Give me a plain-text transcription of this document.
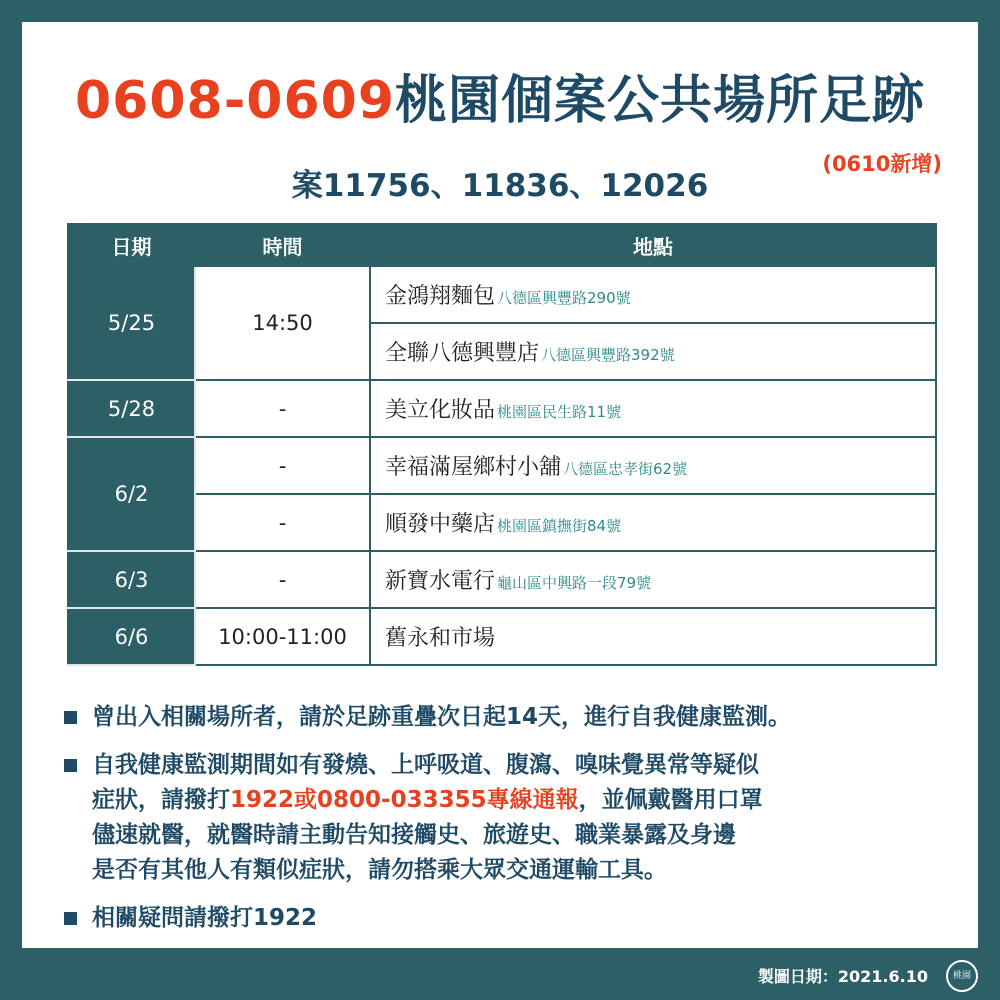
0608-0609桃園個案公共場所足跡
案11756、11836、12026
(0610新增)
日期	時間	地點
5/25	14:50	金鴻翔麵包 八德區興豐路290號
		全聯八德興豐店 八德區興豐路392號
5/28	-	美立化妝品 桃園區民生路11號
6/2	-	幸福滿屋鄉村小舖 八德區忠孝街62號
	-	順發中藥店 桃園區鎮撫街84號
6/3	-	新寶水電行 龜山區中興路一段79號
6/6	10:00-11:00	舊永和市場
曾出入相關場所者，請於足跡重疊次日起14天，進行自我健康監測。
自我健康監測期間如有發燒、上呼吸道、腹瀉、嗅味覺異常等疑似
症狀，請撥打1922或0800-033355專線通報，並佩戴醫用口罩
儘速就醫，就醫時請主動告知接觸史、旅遊史、職業暴露及身邊
是否有其他人有類似症狀，請勿搭乘大眾交通運輸工具。
相關疑問請撥打1922
製圖日期：2021.6.10	桃園
